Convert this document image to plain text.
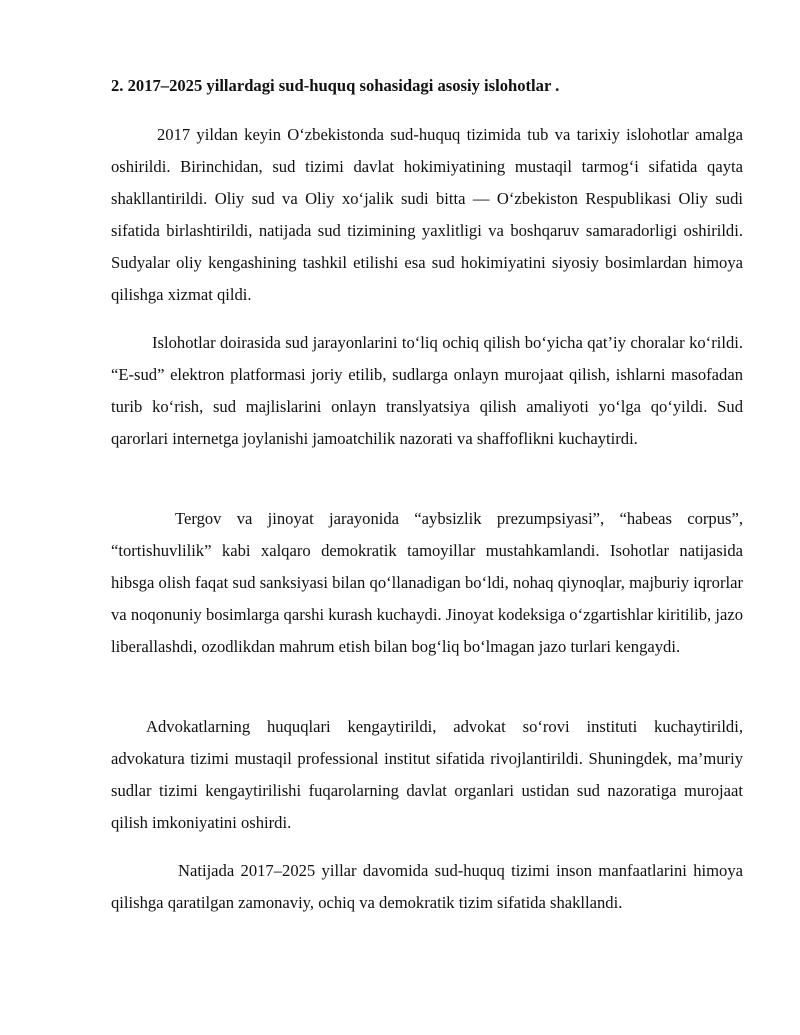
2. 2017–2025 yillardagi sud-huquq sohasidagi asosiy islohotlar .

2017 yildan keyin O‘zbekistonda sud-huquq tizimida tub va tarixiy islohotlar amalga oshirildi. Birinchidan, sud tizimi davlat hokimiyatining mustaqil tarmog‘i sifatida qayta shakllantirildi. Oliy sud va Oliy xo‘jalik sudi bitta — O‘zbekiston Respublikasi Oliy sudi sifatida birlashtirildi, natijada sud tizimining yaxlitligi va boshqaruv samaradorligi oshirildi. Sudyalar oliy kengashining tashkil etilishi esa sud hokimiyatini siyosiy bosimlardan himoya qilishga xizmat qildi.

Islohotlar doirasida sud jarayonlarini to‘liq ochiq qilish bo‘yicha qat’iy choralar ko‘rildi. “E-sud” elektron platformasi joriy etilib, sudlarga onlayn murojaat qilish, ishlarni masofadan turib ko‘rish, sud majlislarini onlayn translyatsiya qilish amaliyoti yo‘lga qo‘yildi. Sud qarorlari internetga joylanishi jamoatchilik nazorati va shaffoflikni kuchaytirdi.

Tergov va jinoyat jarayonida “aybsizlik prezumpsiyasi”, “habeas corpus”, “tortishuvlilik” kabi xalqaro demokratik tamoyillar mustahkamlandi. Isohotlar natijasida hibsga olish faqat sud sanksiyasi bilan qo‘llanadigan bo‘ldi, nohaq qiynoqlar, majburiy iqrorlar va noqonuniy bosimlarga qarshi kurash kuchaydi. Jinoyat kodeksiga o‘zgartishlar kiritilib, jazo liberallashdi, ozodlikdan mahrum etish bilan bog‘liq bo‘lmagan jazo turlari kengaydi.

Advokatlarning huquqlari kengaytirildi, advokat so‘rovi instituti kuchaytirildi, advokatura tizimi mustaqil professional institut sifatida rivojlantirildi. Shuningdek, ma’muriy sudlar tizimi kengaytirilishi fuqarolarning davlat organlari ustidan sud nazoratiga murojaat qilish imkoniyatini oshirdi.

Natijada 2017–2025 yillar davomida sud-huquq tizimi inson manfaatlarini himoya qilishga qaratilgan zamonaviy, ochiq va demokratik tizim sifatida shakllandi.
